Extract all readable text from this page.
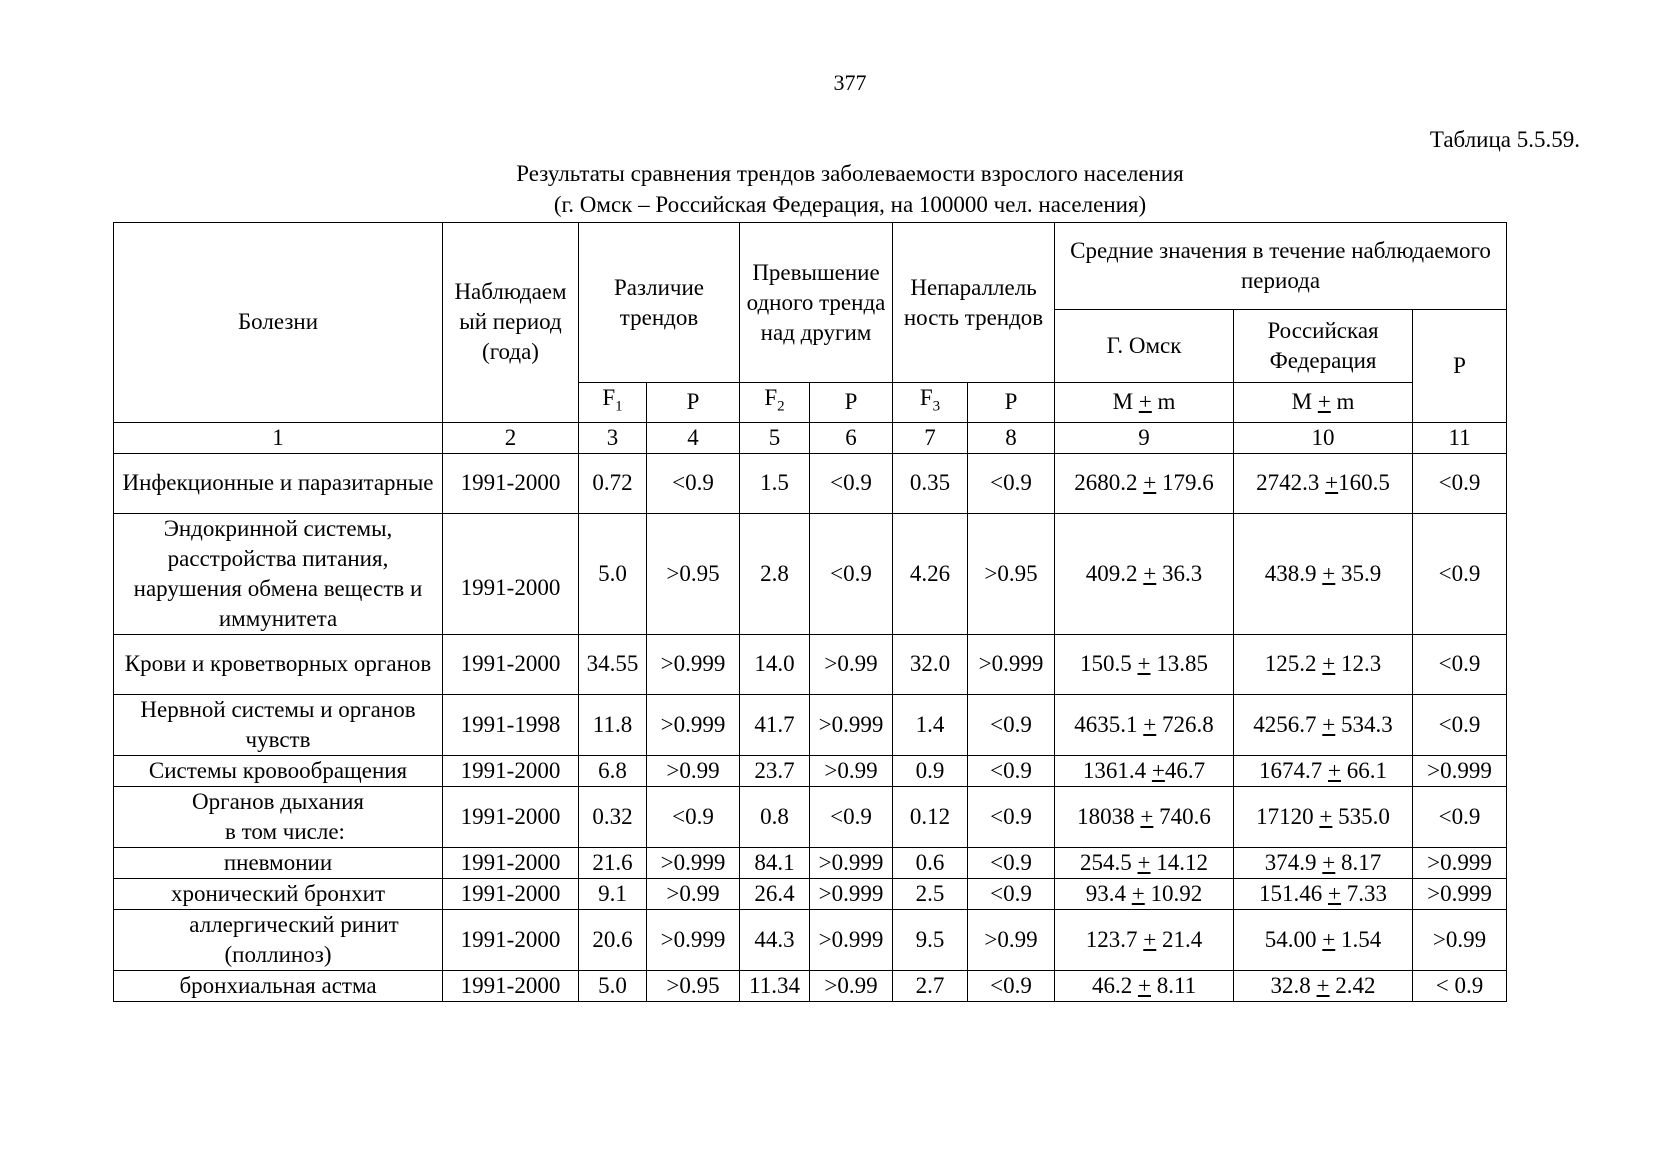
377
Таблица 5.5.59.
Результаты сравнения трендов заболеваемости взрослого населения
(г. Омск – Российская Федерация, на 100000 чел. населения)
Болезни	Наблюдаем ый период (года)	Различие трендов		Превышение одного тренда над другим		Непараллель ность трендов		Средние значения в течение наблюдаемого периода		
								Г. Омск	Российская Федерация	Р
		$F_1$	Р	$F_2$	Р	$F_3$	Р	M + m	M + m	
1	2	3	4	5	6	7	8	9	10	11
Инфекционные и паразитарные	1991-2000	0.72	<0.9	1.5	<0.9	0.35	<0.9	2680.2 + 179.6	2742.3 +160.5	<0.9
Эндокринной системы, расстройства питания, нарушения обмена веществ и иммунитета	1991-2000	5.0	>0.95	2.8	<0.9	4.26	>0.95	409.2 + 36.3	438.9 + 35.9	<0.9
Крови и кроветворных органов	1991-2000	34.55	>0.999	14.0	>0.99	32.0	>0.999	150.5 + 13.85	125.2 + 12.3	<0.9
Нервной системы и органов чувств	1991-1998	11.8	>0.999	41.7	>0.999	1.4	<0.9	4635.1 + 726.8	4256.7 + 534.3	<0.9
Системы кровообращения	1991-2000	6.8	>0.99	23.7	>0.99	0.9	<0.9	1361.4 +46.7	1674.7 + 66.1	>0.999

Органов дыхания
в том числе:	1991-2000	0.32	<0.9	0.8	<0.9	0.12	<0.9	18038 + 740.6	17120 + 535.0	<0.9
пневмонии	1991-2000	21.6	>0.999	84.1	>0.999	0.6	<0.9	254.5 + 14.12	374.9 + 8.17	>0.999
хронический бронхит	1991-2000	9.1	>0.99	26.4	>0.999	2.5	<0.9	93.4 + 10.92	151.46 + 7.33	>0.999

аллергический ринит
(поллиноз)	1991-2000	20.6	>0.999	44.3	>0.999	9.5	>0.99	123.7 + 21.4	54.00 + 1.54	>0.99
бронхиальная астма	1991-2000	5.0	>0.95	11.34	>0.99	2.7	<0.9	46.2 + 8.11	32.8 + 2.42	< 0.9
